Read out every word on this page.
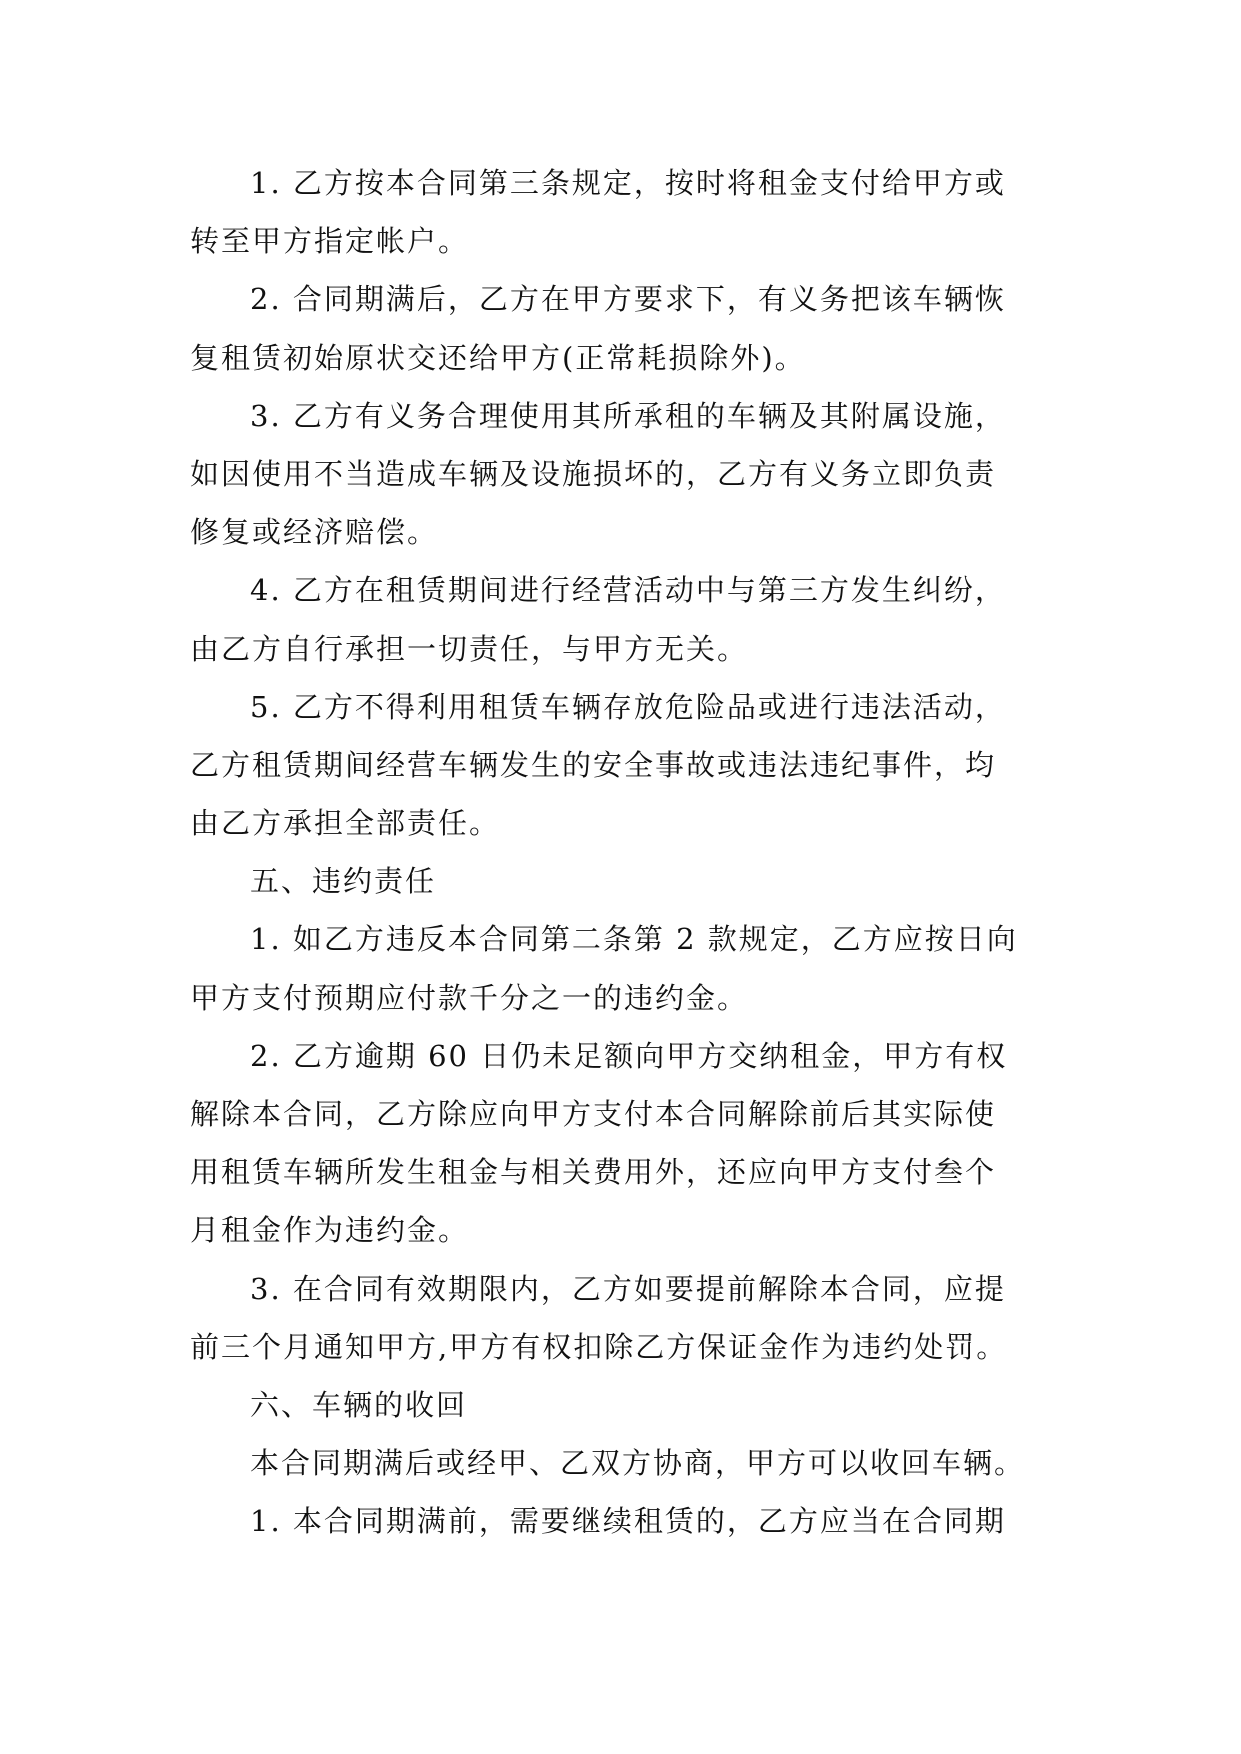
1. 乙方按本合同第三条规定，按时将租金支付给甲方或
转至甲方指定帐户。
2. 合同期满后，乙方在甲方要求下，有义务把该车辆恢
复租赁初始原状交还给甲方(正常耗损除外)。
3. 乙方有义务合理使用其所承租的车辆及其附属设施，
如因使用不当造成车辆及设施损坏的，乙方有义务立即负责
修复或经济赔偿。
4. 乙方在租赁期间进行经营活动中与第三方发生纠纷，
由乙方自行承担一切责任，与甲方无关。
5. 乙方不得利用租赁车辆存放危险品或进行违法活动，
乙方租赁期间经营车辆发生的安全事故或违法违纪事件，均
由乙方承担全部责任。
五、违约责任
1. 如乙方违反本合同第二条第 2 款规定，乙方应按日向
甲方支付预期应付款千分之一的违约金。
2. 乙方逾期 60 日仍未足额向甲方交纳租金，甲方有权
解除本合同，乙方除应向甲方支付本合同解除前后其实际使
用租赁车辆所发生租金与相关费用外，还应向甲方支付叁个
月租金作为违约金。
3. 在合同有效期限内，乙方如要提前解除本合同，应提
前三个月通知甲方,甲方有权扣除乙方保证金作为违约处罚。
六、车辆的收回
本合同期满后或经甲、乙双方协商，甲方可以收回车辆。
1. 本合同期满前，需要继续租赁的，乙方应当在合同期
